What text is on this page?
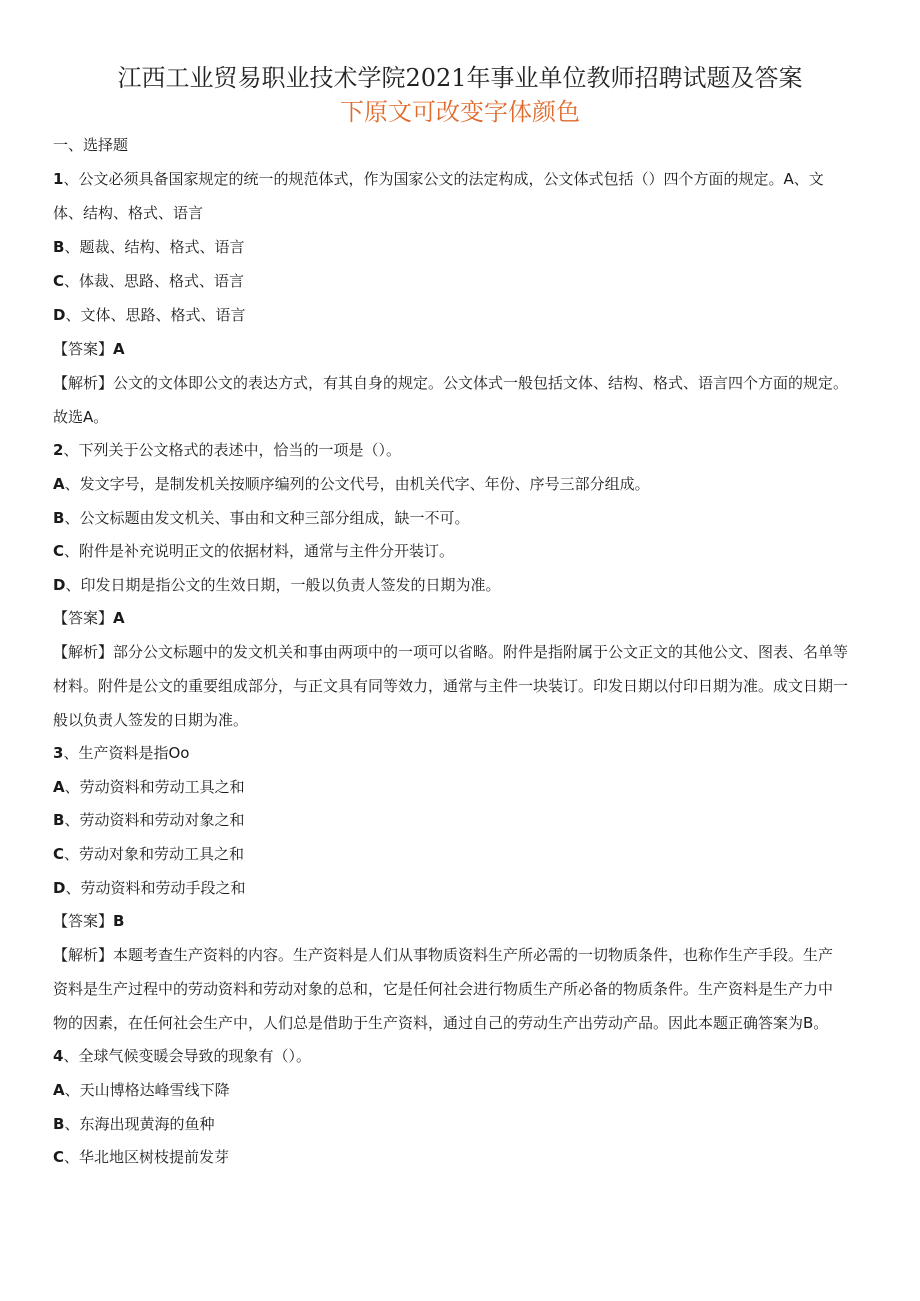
江西工业贸易职业技术学院2021年事业单位教师招聘试题及答案
下原文可改变字体颜色
一、选择题
1、公文必须具备国家规定的统一的规范体式，作为国家公文的法定构成，公文体式包括（）四个方面的规定。A、文
体、结构、格式、语言
B、题裁、结构、格式、语言
C、体裁、思路、格式、语言
D、文体、思路、格式、语言
【答案】A
【解析】公文的文体即公文的表达方式，有其自身的规定。公文体式一般包括文体、结构、格式、语言四个方面的规定。
故选A。
2、下列关于公文格式的表述中，恰当的一项是（）。
A、发文字号，是制发机关按顺序编列的公文代号，由机关代字、年份、序号三部分组成。
B、公文标题由发文机关、事由和文种三部分组成，缺一不可。
C、附件是补充说明正文的依据材料，通常与主件分开装订。
D、印发日期是指公文的生效日期，一般以负责人签发的日期为准。
【答案】A
【解析】部分公文标题中的发文机关和事由两项中的一项可以省略。附件是指附属于公文正文的其他公文、图表、名单等
材料。附件是公文的重要组成部分，与正文具有同等效力，通常与主件一块装订。印发日期以付印日期为准。成文日期一
般以负责人签发的日期为准。
3、生产资料是指Oo
A、劳动资料和劳动工具之和
B、劳动资料和劳动对象之和
C、劳动对象和劳动工具之和
D、劳动资料和劳动手段之和
【答案】B
【解析】本题考查生产资料的内容。生产资料是人们从事物质资料生产所必需的一切物质条件，也称作生产手段。生产
资料是生产过程中的劳动资料和劳动对象的总和，它是任何社会进行物质生产所必备的物质条件。生产资料是生产力中
物的因素，在任何社会生产中，人们总是借助于生产资料，通过自己的劳动生产出劳动产品。因此本题正确答案为B。
4、全球气候变暖会导致的现象有（）。
A、天山博格达峰雪线下降
B、东海出现黄海的鱼种
C、华北地区树枝提前发芽
